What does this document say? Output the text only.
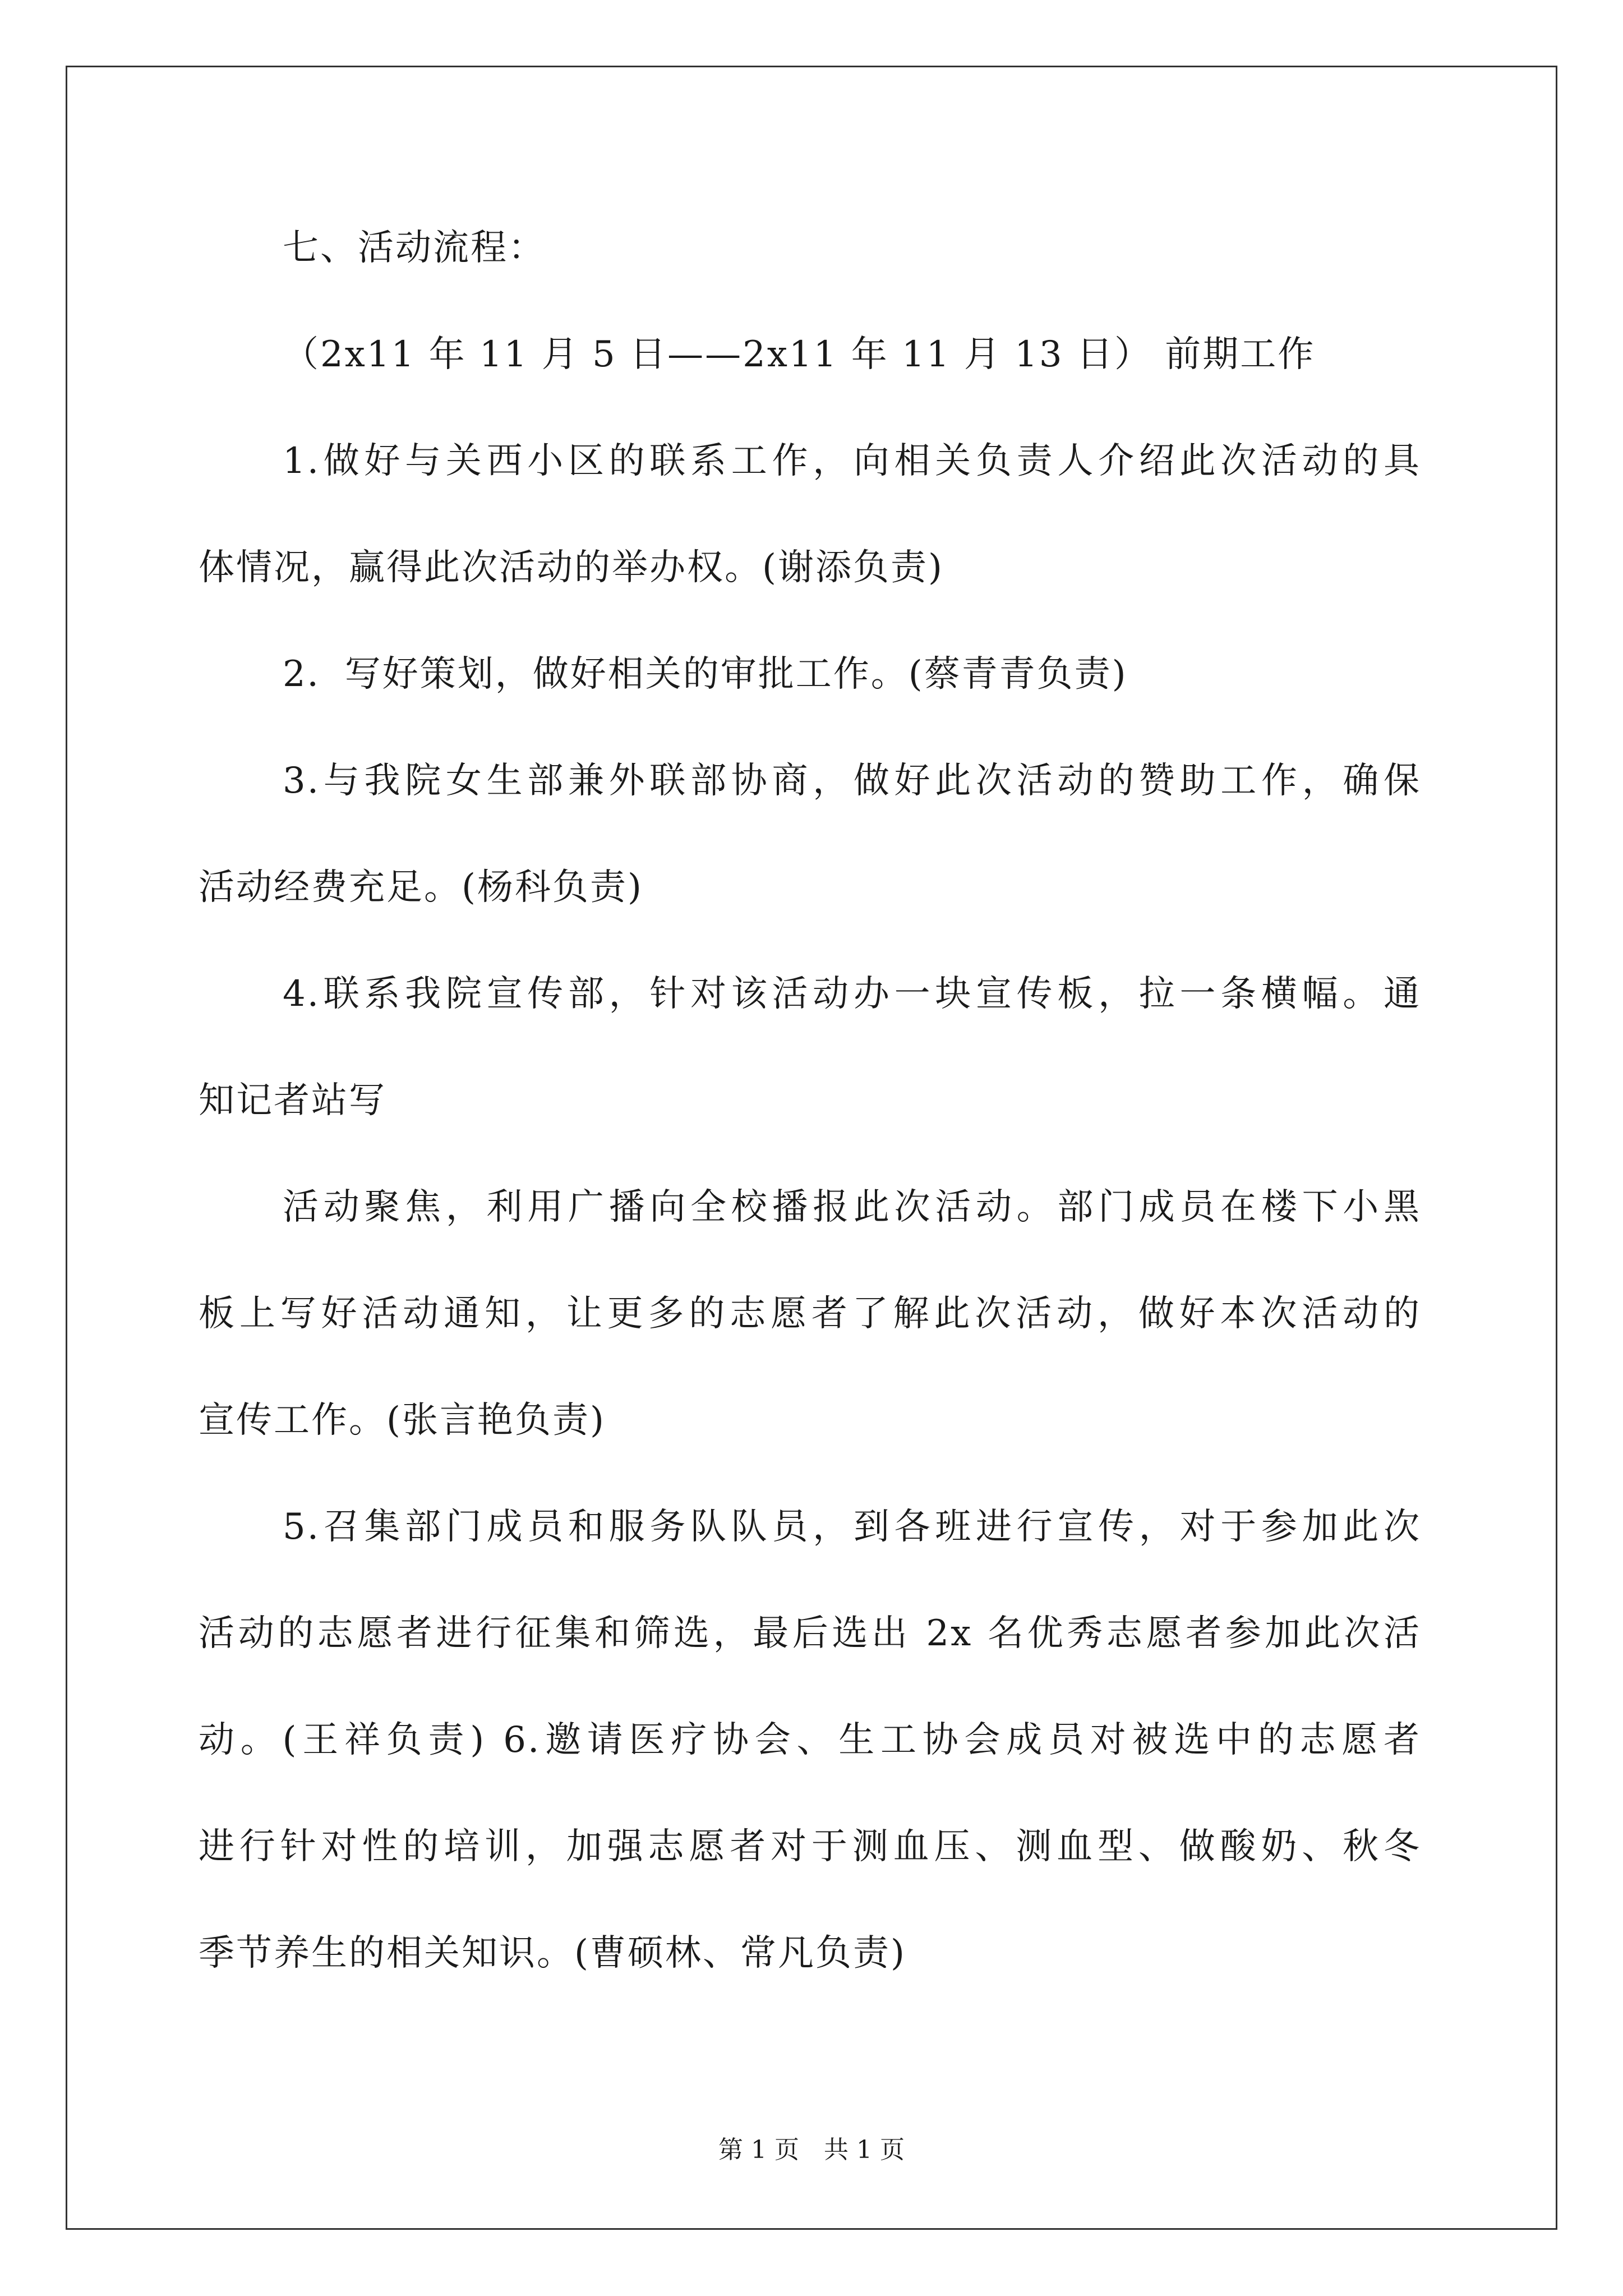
七、活动流程：
（2x11 年 11 月 5 日——2x11 年 11 月 13 日） 前期工作
1.做好与关西小区的联系工作，向相关负责人介绍此次活动的具
体情况，赢得此次活动的举办权。(谢添负责)
2．写好策划，做好相关的审批工作。(蔡青青负责)
3.与我院女生部兼外联部协商，做好此次活动的赞助工作，确保
活动经费充足。(杨科负责)
4.联系我院宣传部，针对该活动办一块宣传板，拉一条横幅。通
知记者站写
活动聚焦，利用广播向全校播报此次活动。部门成员在楼下小黑
板上写好活动通知，让更多的志愿者了解此次活动，做好本次活动的
宣传工作。(张言艳负责)
5.召集部门成员和服务队队员，到各班进行宣传，对于参加此次
活动的志愿者进行征集和筛选，最后选出 2x 名优秀志愿者参加此次活
动。(王祥负责) 6.邀请医疗协会、生工协会成员对被选中的志愿者
进行针对性的培训，加强志愿者对于测血压、测血型、做酸奶、秋冬
季节养生的相关知识。(曹硕林、常凡负责)
第 1 页　共 1 页
